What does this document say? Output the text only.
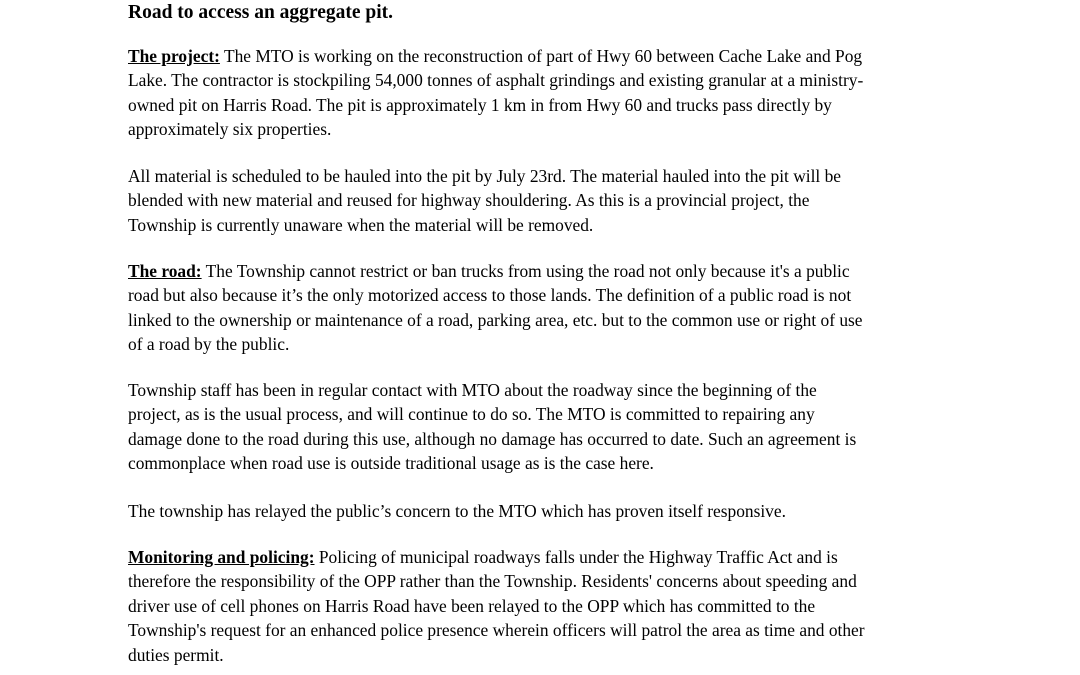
Road to access an aggregate pit.

The project: The MTO is working on the reconstruction of part of Hwy 60 between Cache Lake and Pog
Lake. The contractor is stockpiling 54,000 tonnes of asphalt grindings and existing granular at a ministry-
owned pit on Harris Road. The pit is approximately 1 km in from Hwy 60 and trucks pass directly by
approximately six properties.
All material is scheduled to be hauled into the pit by July 23rd. The material hauled into the pit will be
blended with new material and reused for highway shouldering. As this is a provincial project, the
Township is currently unaware when the material will be removed.
The road: The Township cannot restrict or ban trucks from using the road not only because it's a public
road but also because it’s the only motorized access to those lands. The definition of a public road is not
linked to the ownership or maintenance of a road, parking area, etc. but to the common use or right of use
of a road by the public.
Township staff has been in regular contact with MTO about the roadway since the beginning of the
project, as is the usual process, and will continue to do so. The MTO is committed to repairing any
damage done to the road during this use, although no damage has occurred to date. Such an agreement is
commonplace when road use is outside traditional usage as is the case here.
The township has relayed the public’s concern to the MTO which has proven itself responsive.
Monitoring and policing: Policing of municipal roadways falls under the Highway Traffic Act and is
therefore the responsibility of the OPP rather than the Township. Residents' concerns about speeding and
driver use of cell phones on Harris Road have been relayed to the OPP which has committed to the
Township's request for an enhanced police presence wherein officers will patrol the area as time and other
duties permit.
